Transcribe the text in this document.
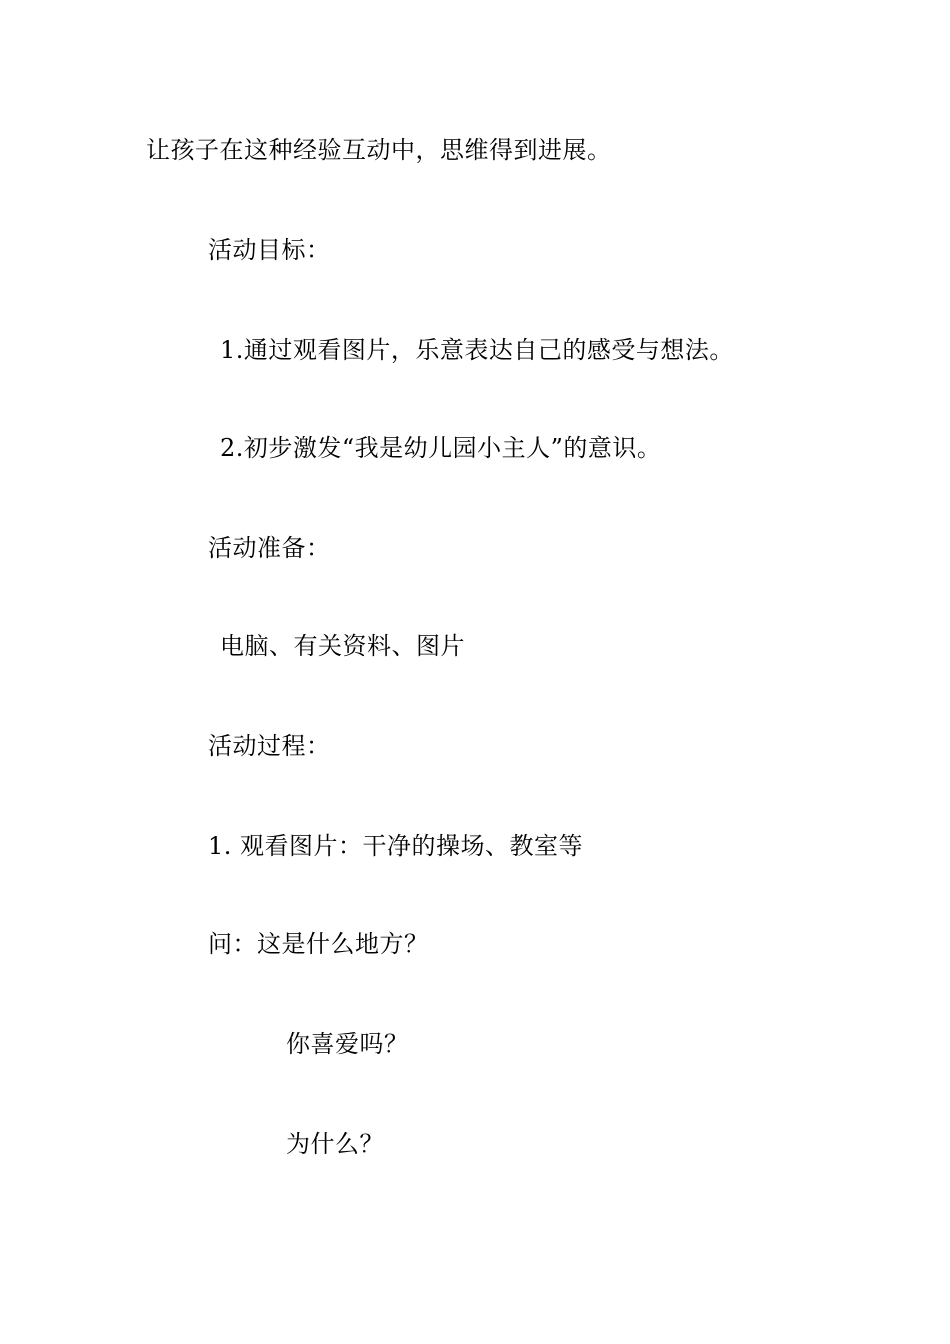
让孩子在这种经验互动中，思维得到进展。
活动目标：
1.通过观看图片，乐意表达自己的感受与想法。
2.初步激发“我是幼儿园小主人”的意识。
活动准备：
电脑、有关资料、图片
活动过程：
1. 观看图片：干净的操场、教室等
问：这是什么地方？
你喜爱吗？
为什么？
